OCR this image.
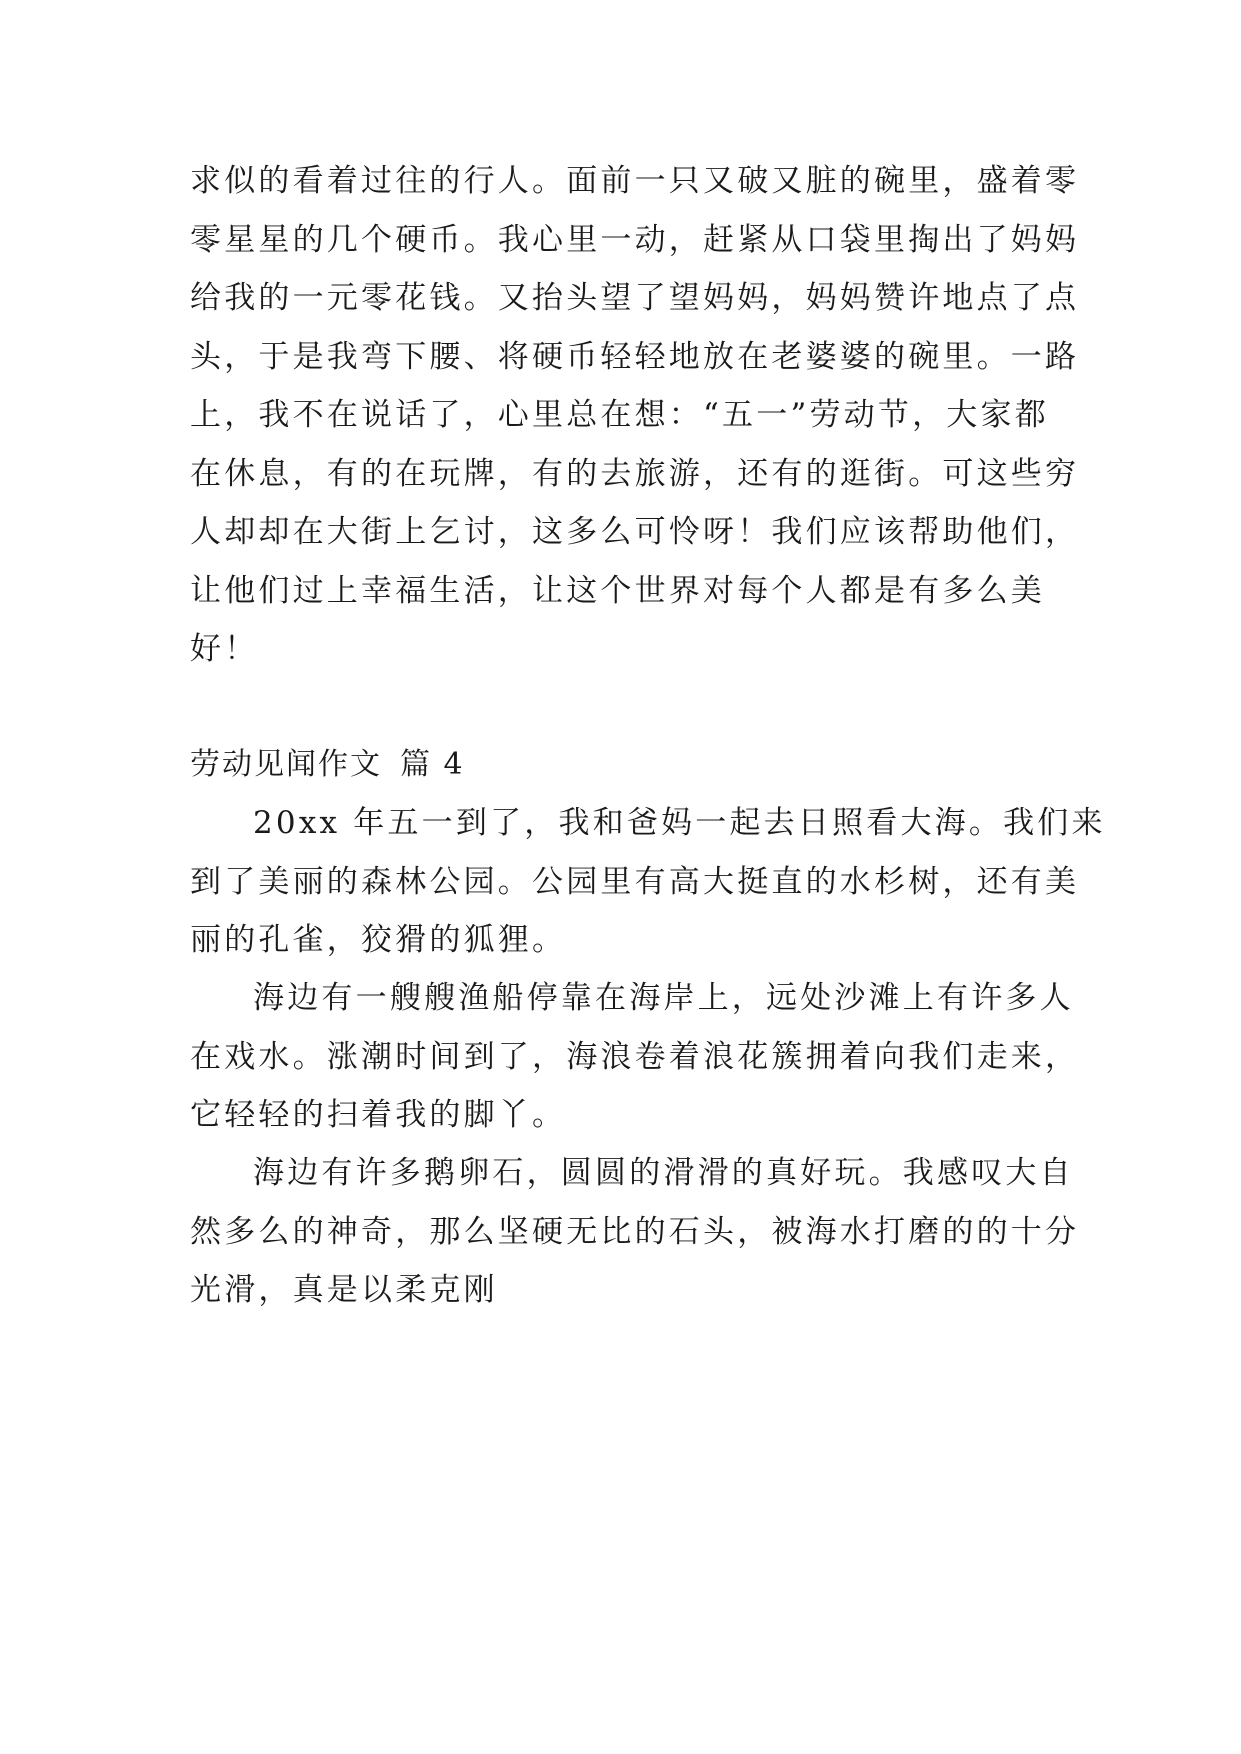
求似的看着过往的行人。面前一只又破又脏的碗里，盛着零
零星星的几个硬币。我心里一动，赶紧从口袋里掏出了妈妈
给我的一元零花钱。又抬头望了望妈妈，妈妈赞许地点了点
头，于是我弯下腰、将硬币轻轻地放在老婆婆的碗里。一路
上，我不在说话了，心里总在想：“五一”劳动节，大家都
在休息，有的在玩牌，有的去旅游，还有的逛街。可这些穷
人却却在大街上乞讨，这多么可怜呀！我们应该帮助他们，
让他们过上幸福生活，让这个世界对每个人都是有多么美
好！
劳动见闻作文 篇 4
20xx 年五一到了，我和爸妈一起去日照看大海。我们来
到了美丽的森林公园。公园里有高大挺直的水杉树，还有美
丽的孔雀，狡猾的狐狸。
海边有一艘艘渔船停靠在海岸上，远处沙滩上有许多人
在戏水。涨潮时间到了，海浪卷着浪花簇拥着向我们走来，
它轻轻的扫着我的脚丫。
海边有许多鹅卵石，圆圆的滑滑的真好玩。我感叹大自
然多么的神奇，那么坚硬无比的石头，被海水打磨的的十分
光滑，真是以柔克刚
